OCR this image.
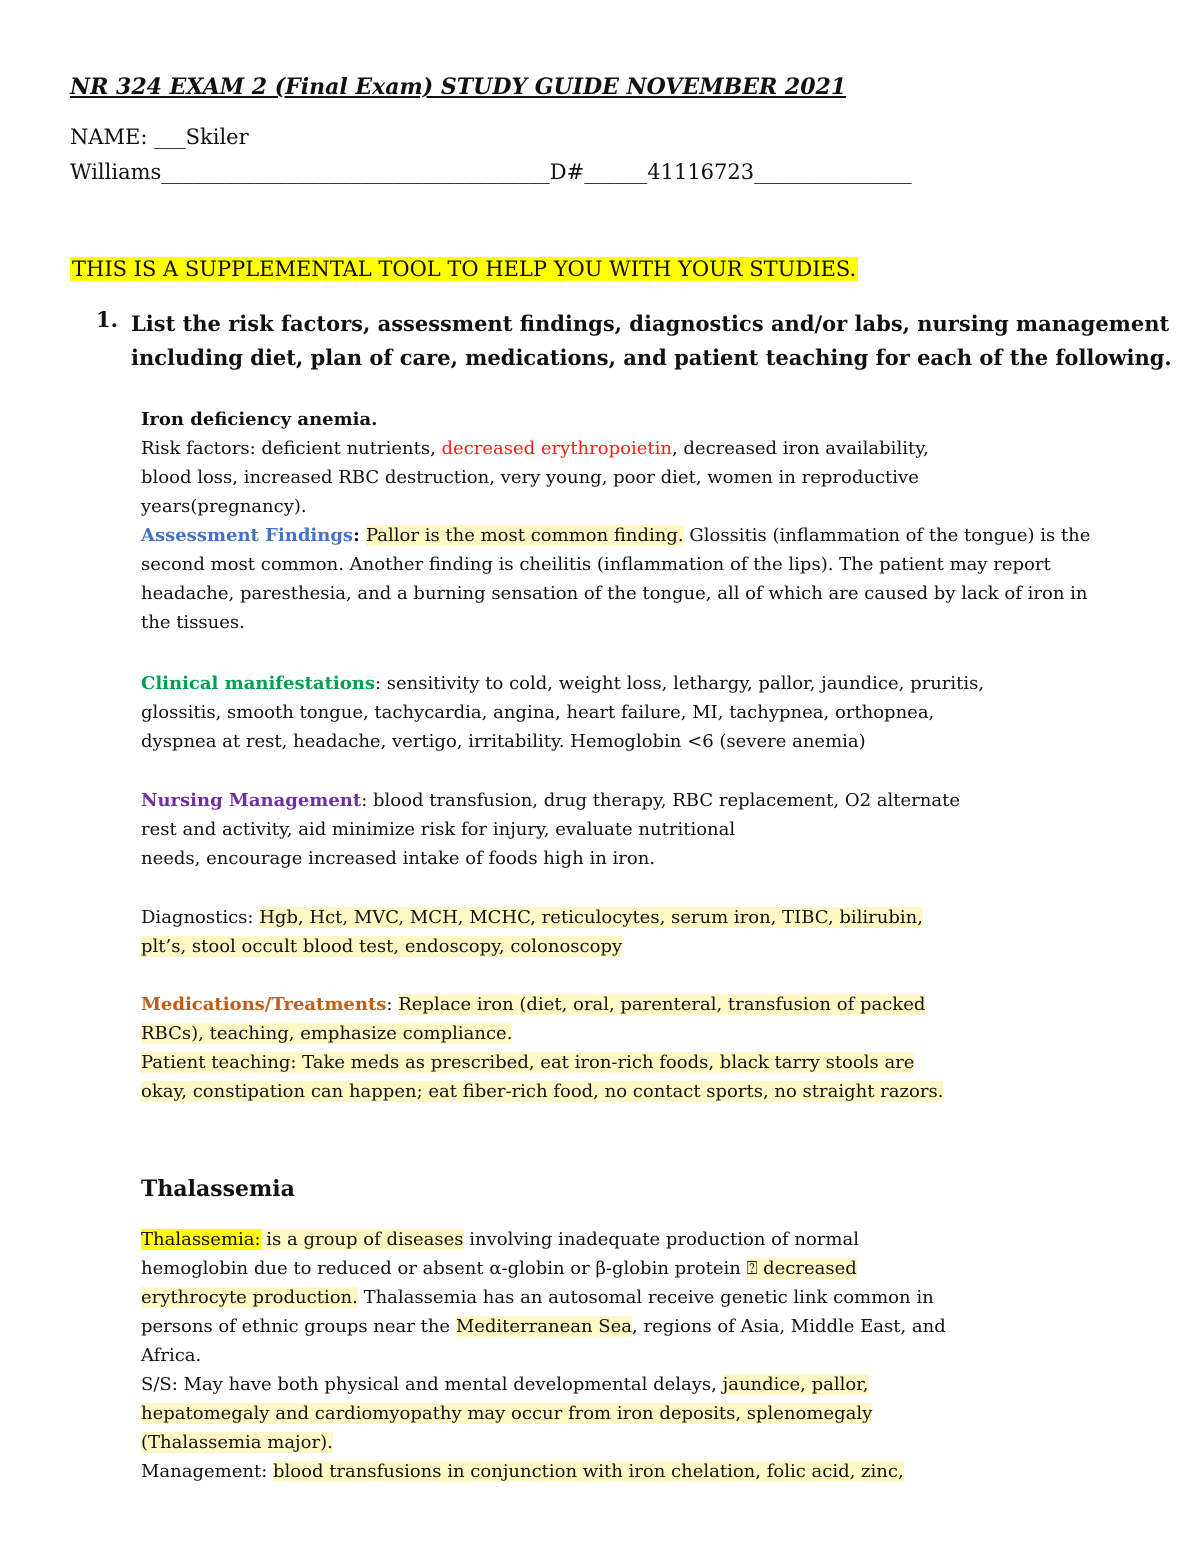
NR 324 EXAM 2 (Final Exam) STUDY GUIDE NOVEMBER 2021
NAME: ___Skiler
Williams_____________________________________D#______41116723_______________
THIS IS A SUPPLEMENTAL TOOL TO HELP YOU WITH YOUR STUDIES.
1. List the risk factors, assessment findings, diagnostics and/or labs, nursing management
including diet, plan of care, medications, and patient teaching for each of the following.
Iron deficiency anemia.
Risk factors: deficient nutrients, decreased erythropoietin, decreased iron availability,
blood loss, increased RBC destruction, very young, poor diet, women in reproductive
years(pregnancy).
Assessment Findings: Pallor is the most common finding. Glossitis (inflammation of the tongue) is the
second most common. Another finding is cheilitis (inflammation of the lips). The patient may report
headache, paresthesia, and a burning sensation of the tongue, all of which are caused by lack of iron in
the tissues.
Clinical manifestations: sensitivity to cold, weight loss, lethargy, pallor, jaundice, pruritis,
glossitis, smooth tongue, tachycardia, angina, heart failure, MI, tachypnea, orthopnea,
dyspnea at rest, headache, vertigo, irritability. Hemoglobin <6 (severe anemia)
Nursing Management: blood transfusion, drug therapy, RBC replacement, O2 alternate
rest and activity, aid minimize risk for injury, evaluate nutritional
needs, encourage increased intake of foods high in iron.
Diagnostics: Hgb, Hct, MVC, MCH, MCHC, reticulocytes, serum iron, TIBC, bilirubin,
plt’s, stool occult blood test, endoscopy, colonoscopy
Medications/Treatments: Replace iron (diet, oral, parenteral, transfusion of packed
RBCs), teaching, emphasize compliance.
Patient teaching: Take meds as prescribed, eat iron-rich foods, black tarry stools are
okay, constipation can happen; eat fiber-rich food, no contact sports, no straight razors.
Thalassemia
Thalassemia: is a group of diseases involving inadequate production of normal
hemoglobin due to reduced or absent α-globin or β-globin protein ⍰ decreased
erythrocyte production. Thalassemia has an autosomal receive genetic link common in
persons of ethnic groups near the Mediterranean Sea, regions of Asia, Middle East, and
Africa.
S/S: May have both physical and mental developmental delays, jaundice, pallor,
hepatomegaly and cardiomyopathy may occur from iron deposits, splenomegaly
(Thalassemia major).
Management: blood transfusions in conjunction with iron chelation, folic acid, zinc,
